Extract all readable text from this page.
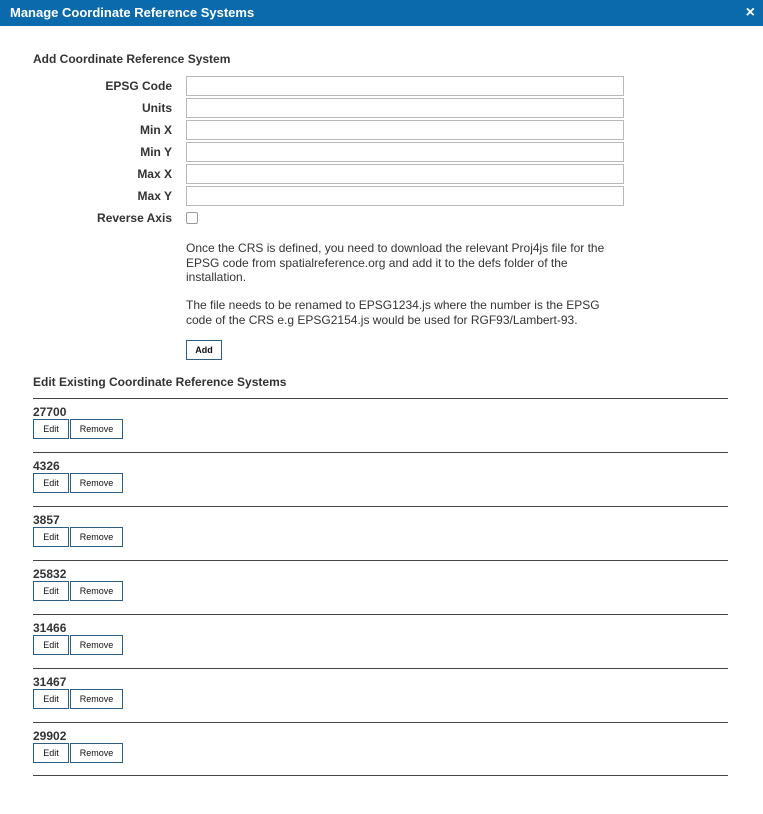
Manage Coordinate Reference Systems	×
Add Coordinate Reference System
EPSG Code
Units
Min X
Min Y
Max X
Max Y
Reverse Axis

Once the CRS is defined, you need to download the relevant Proj4js file for the EPSG code from spatialreference.org and add it to the defs folder of the installation.

The file needs to be renamed to EPSG1234.js where the number is the EPSG code of the CRS e.g EPSG2154.js would be used for RGF93/Lambert-93.

Add
Edit Existing Coordinate Reference Systems
27700
Edit	Remove
4326
Edit	Remove
3857
Edit	Remove
25832
Edit	Remove
31466
Edit	Remove
31467
Edit	Remove
29902
Edit	Remove
